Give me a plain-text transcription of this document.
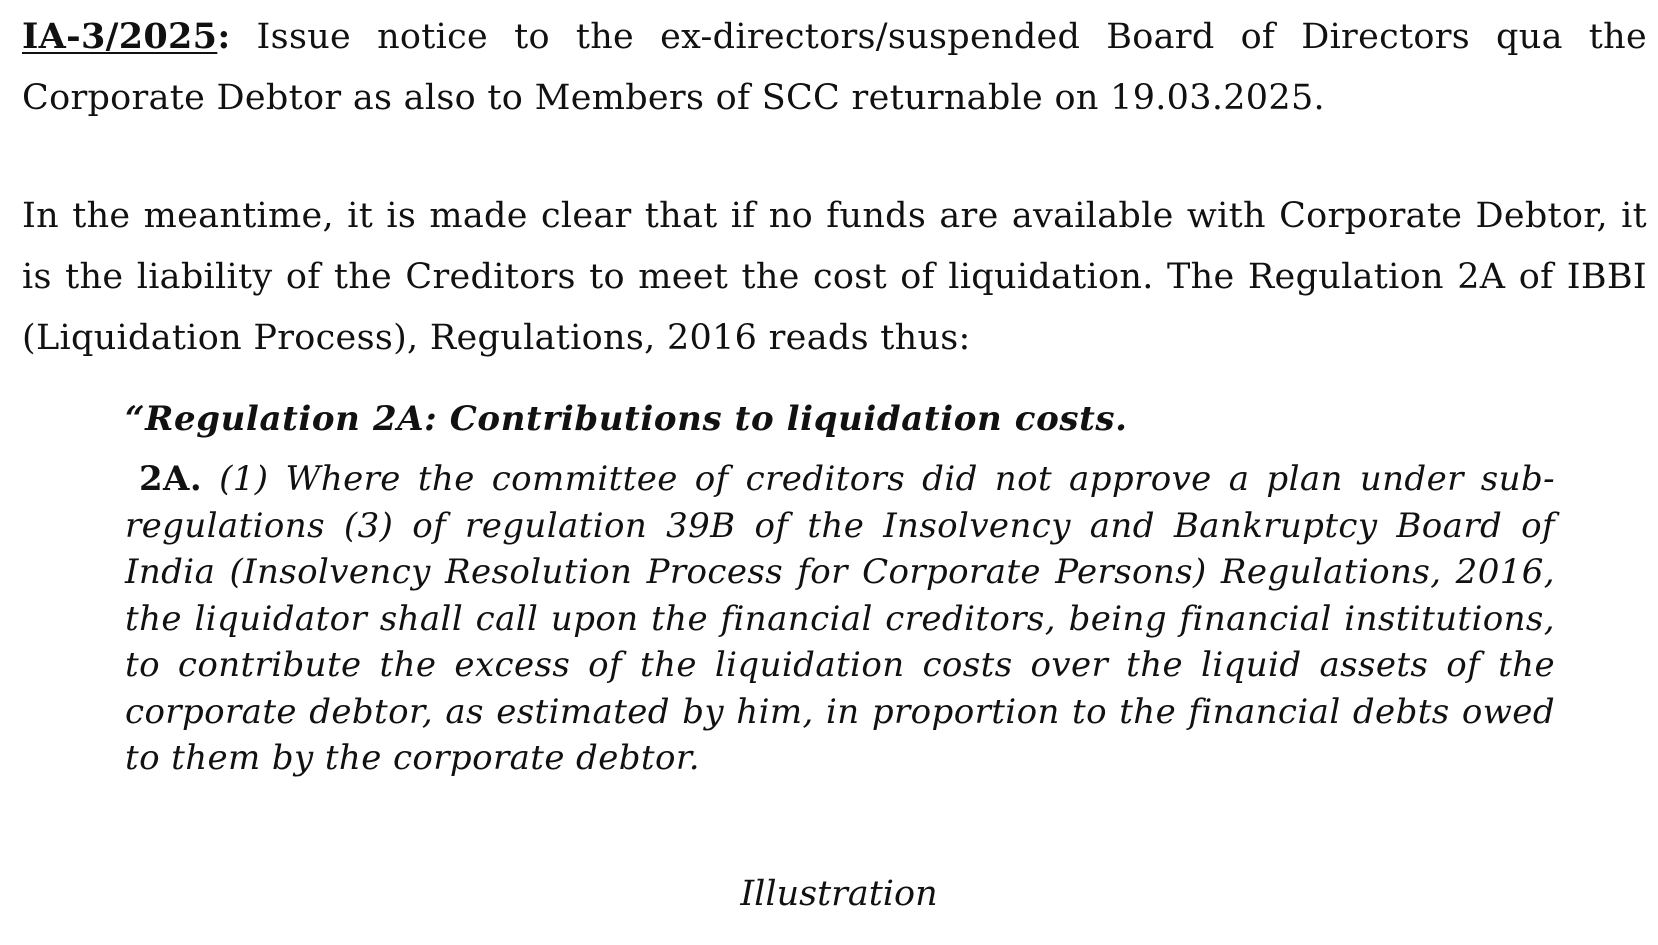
IA-3/2025: Issue notice to the ex-directors/suspended Board of Directors qua the Corporate Debtor as also to Members of SCC returnable on 19.03.2025.

In the meantime, it is made clear that if no funds are available with Corporate Debtor, it is the liability of the Creditors to meet the cost of liquidation. The Regulation 2A of IBBI (Liquidation Process), Regulations, 2016 reads thus:

“Regulation 2A: Contributions to liquidation costs.

2A. (1) Where the committee of creditors did not approve a plan under sub-regulations (3) of regulation 39B of the Insolvency and Bankruptcy Board of India (Insolvency Resolution Process for Corporate Persons) Regulations, 2016, the liquidator shall call upon the financial creditors, being financial institutions, to contribute the excess of the liquidation costs over the liquid assets of the corporate debtor, as estimated by him, in proportion to the financial debts owed to them by the corporate debtor.

Illustration
